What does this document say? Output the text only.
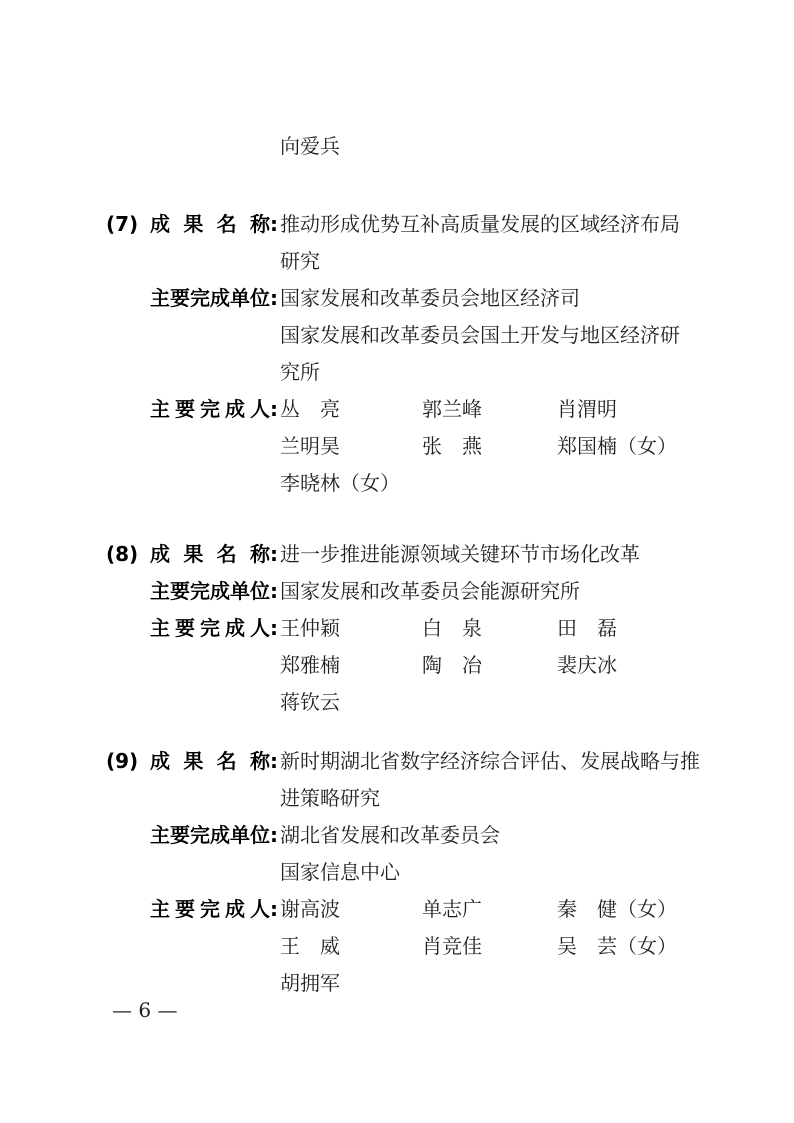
向爱兵
(7) 成 果 名 称 : 推动形成优势互补高质量发展的区域经济布局
研究
主 要 完 成 单 位 : 国家发展和改革委员会地区经济司
国家发展和改革委员会国土开发与地区经济研
究所
主 要 完 成 人 : 丛　亮	郭兰峰	肖渭明
兰明昊	张　燕	郑国楠（女）
李晓林（女）
(8) 成 果 名 称 : 进一步推进能源领域关键环节市场化改革
主 要 完 成 单 位 : 国家发展和改革委员会能源研究所
主 要 完 成 人 : 王仲颖	白　泉	田　磊
郑雅楠	陶　冶	裴庆冰
蒋钦云
(9) 成 果 名 称 : 新时期湖北省数字经济综合评估、发展战略与推
进策略研究
主 要 完 成 单 位 : 湖北省发展和改革委员会
国家信息中心
主 要 完 成 人 : 谢高波	单志广	秦　健（女）
王　威	肖竞佳	吴　芸（女）
胡拥军
— 6 —
